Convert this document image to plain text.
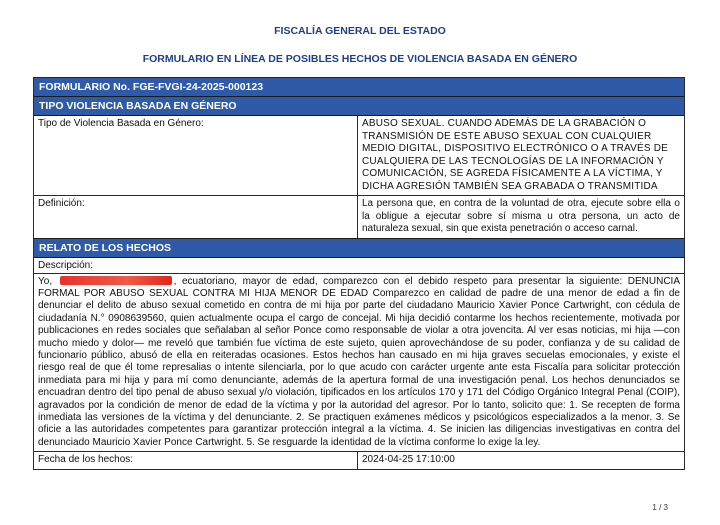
FISCALÍA GENERAL DEL ESTADO
FORMULARIO EN LÍNEA DE POSIBLES HECHOS DE VIOLENCIA BASADA EN GÉNERO
FORMULARIO No. FGE-FVGI-24-2025-000123
TIPO VIOLENCIA BASADA EN GÉNERO
Tipo de Violencia Basada en Género:	ABUSO SEXUAL. CUANDO ADEMÁS DE LA GRABACIÓN O TRANSMISIÓN DE ESTE ABUSO SEXUAL CON CUALQUIER MEDIO DIGITAL, DISPOSITIVO ELECTRÓNICO O A TRAVÉS DE CUALQUIERA DE LAS TECNOLOGÍAS DE LA INFORMACIÓN Y COMUNICACIÓN, SE AGREDA FÍSICAMENTE A LA VÍCTIMA, Y DICHA AGRESIÓN TAMBIÉN SEA GRABADA O TRANSMITIDA
Definición:	La persona que, en contra de la voluntad de otra, ejecute sobre ella o la obligue a ejecutar sobre sí misma u otra persona, un acto de naturaleza sexual, sin que exista penetración o acceso carnal.
RELATO DE LOS HECHOS
Descripción:
Yo,	, ecuatoriano, mayor de edad, comparezco con el debido respeto para presentar la siguiente: DENUNCIA FORMAL POR ABUSO SEXUAL CONTRA MI HIJA MENOR DE EDAD Comparezco en calidad de padre de una menor de edad a fin de denunciar el delito de abuso sexual cometido en contra de mi hija por parte del ciudadano Mauricio Xavier Ponce Cartwright, con cédula de ciudadanía N.° 0908639560, quien actualmente ocupa el cargo de concejal. Mi hija decidió contarme los hechos recientemente, motivada por publicaciones en redes sociales que señalaban al señor Ponce como responsable de violar a otra jovencita. Al ver esas noticias, mi hija —con mucho miedo y dolor— me reveló que también fue víctima de este sujeto, quien aprovechándose de su poder, confianza y de su calidad de funcionario público, abusó de ella en reiteradas ocasiones. Estos hechos han causado en mi hija graves secuelas emocionales, y existe el riesgo real de que él tome represalias o intente silenciarla, por lo que acudo con carácter urgente ante esta Fiscalía para solicitar protección inmediata para mi hija y para mí como denunciante, además de la apertura formal de una investigación penal. Los hechos denunciados se encuadran dentro del tipo penal de abuso sexual y/o violación, tipificados en los artículos 170 y 171 del Código Orgánico Integral Penal (COIP), agravados por la condición de menor de edad de la víctima y por la autoridad del agresor. Por lo tanto, solicito que: 1. Se recepten de forma inmediata las versiones de la víctima y del denunciante. 2. Se practiquen exámenes médicos y psicológicos especializados a la menor. 3. Se oficie a las autoridades competentes para garantizar protección integral a la víctima. 4. Se inicien las diligencias investigativas en contra del denunciado Mauricio Xavier Ponce Cartwright. 5. Se resguarde la identidad de la víctima conforme lo exige la ley.
Fecha de los hechos:	2024-04-25 17:10:00
1 / 3
